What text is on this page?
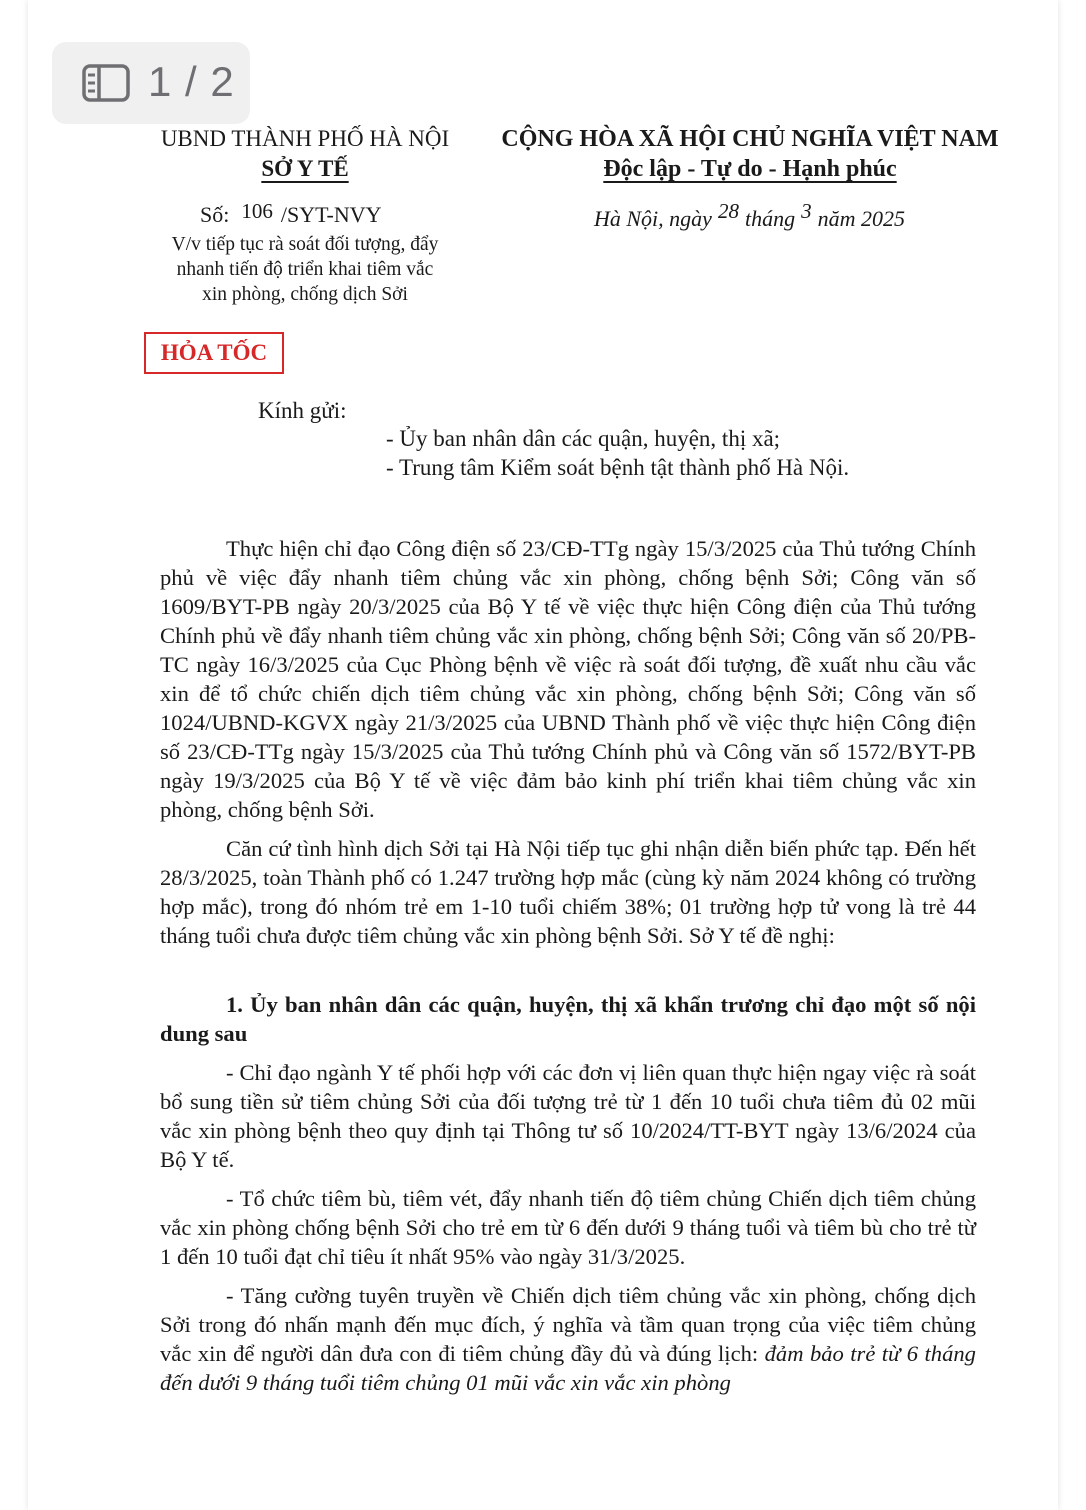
1 / 2
UBND THÀNH PHỐ HÀ NỘI
SỞ Y TẾ
CỘNG HÒA XÃ HỘI CHỦ NGHĨA VIỆT NAM
Độc lập - Tự do - Hạnh phúc
Số: 106 /SYT-NVY
V/v tiếp tục rà soát đối tượng, đẩy
nhanh tiến độ triển khai tiêm vắc
xin phòng, chống dịch Sởi
Hà Nội, ngày 28 tháng 3 năm 2025
HỎA TỐC
Kính gửi:
- Ủy ban nhân dân các quận, huyện, thị xã;
- Trung tâm Kiểm soát bệnh tật thành phố Hà Nội.

Thực hiện chỉ đạo Công điện số 23/CĐ-TTg ngày 15/3/2025 của Thủ tướng Chính phủ về việc đẩy nhanh tiêm chủng vắc xin phòng, chống bệnh Sởi; Công văn số 1609/BYT-PB ngày 20/3/2025 của Bộ Y tế về việc thực hiện Công điện của Thủ tướng Chính phủ về đẩy nhanh tiêm chủng vắc xin phòng, chống bệnh Sởi; Công văn số 20/PB-TC ngày 16/3/2025 của Cục Phòng bệnh về việc rà soát đối tượng, đề xuất nhu cầu vắc xin để tổ chức chiến dịch tiêm chủng vắc xin phòng, chống bệnh Sởi; Công văn số 1024/UBND-KGVX ngày 21/3/2025 của UBND Thành phố về việc thực hiện Công điện số 23/CĐ-TTg ngày 15/3/2025 của Thủ tướng Chính phủ và Công văn số 1572/BYT-PB ngày 19/3/2025 của Bộ Y tế về việc đảm bảo kinh phí triển khai tiêm chủng vắc xin phòng, chống bệnh Sởi.

Căn cứ tình hình dịch Sởi tại Hà Nội tiếp tục ghi nhận diễn biến phức tạp. Đến hết 28/3/2025, toàn Thành phố có 1.247 trường hợp mắc (cùng kỳ năm 2024 không có trường hợp mắc), trong đó nhóm trẻ em 1-10 tuổi chiếm 38%; 01 trường hợp tử vong là trẻ 44 tháng tuổi chưa được tiêm chủng vắc xin phòng bệnh Sởi. Sở Y tế đề nghị:

1. Ủy ban nhân dân các quận, huyện, thị xã khẩn trương chỉ đạo một số nội dung sau

- Chỉ đạo ngành Y tế phối hợp với các đơn vị liên quan thực hiện ngay việc rà soát bổ sung tiền sử tiêm chủng Sởi của đối tượng trẻ từ 1 đến 10 tuổi chưa tiêm đủ 02 mũi vắc xin phòng bệnh theo quy định tại Thông tư số 10/2024/TT-BYT ngày 13/6/2024 của Bộ Y tế.

- Tổ chức tiêm bù, tiêm vét, đẩy nhanh tiến độ tiêm chủng Chiến dịch tiêm chủng vắc xin phòng chống bệnh Sởi cho trẻ em từ 6 đến dưới 9 tháng tuổi và tiêm bù cho trẻ từ 1 đến 10 tuổi đạt chỉ tiêu ít nhất 95% vào ngày 31/3/2025.

- Tăng cường tuyên truyền về Chiến dịch tiêm chủng vắc xin phòng, chống dịch Sởi trong đó nhấn mạnh đến mục đích, ý nghĩa và tầm quan trọng của việc tiêm chủng vắc xin để người dân đưa con đi tiêm chủng đầy đủ và đúng lịch: đảm bảo trẻ từ 6 tháng đến dưới 9 tháng tuổi tiêm chủng 01 mũi vắc xin vắc xin phòng
